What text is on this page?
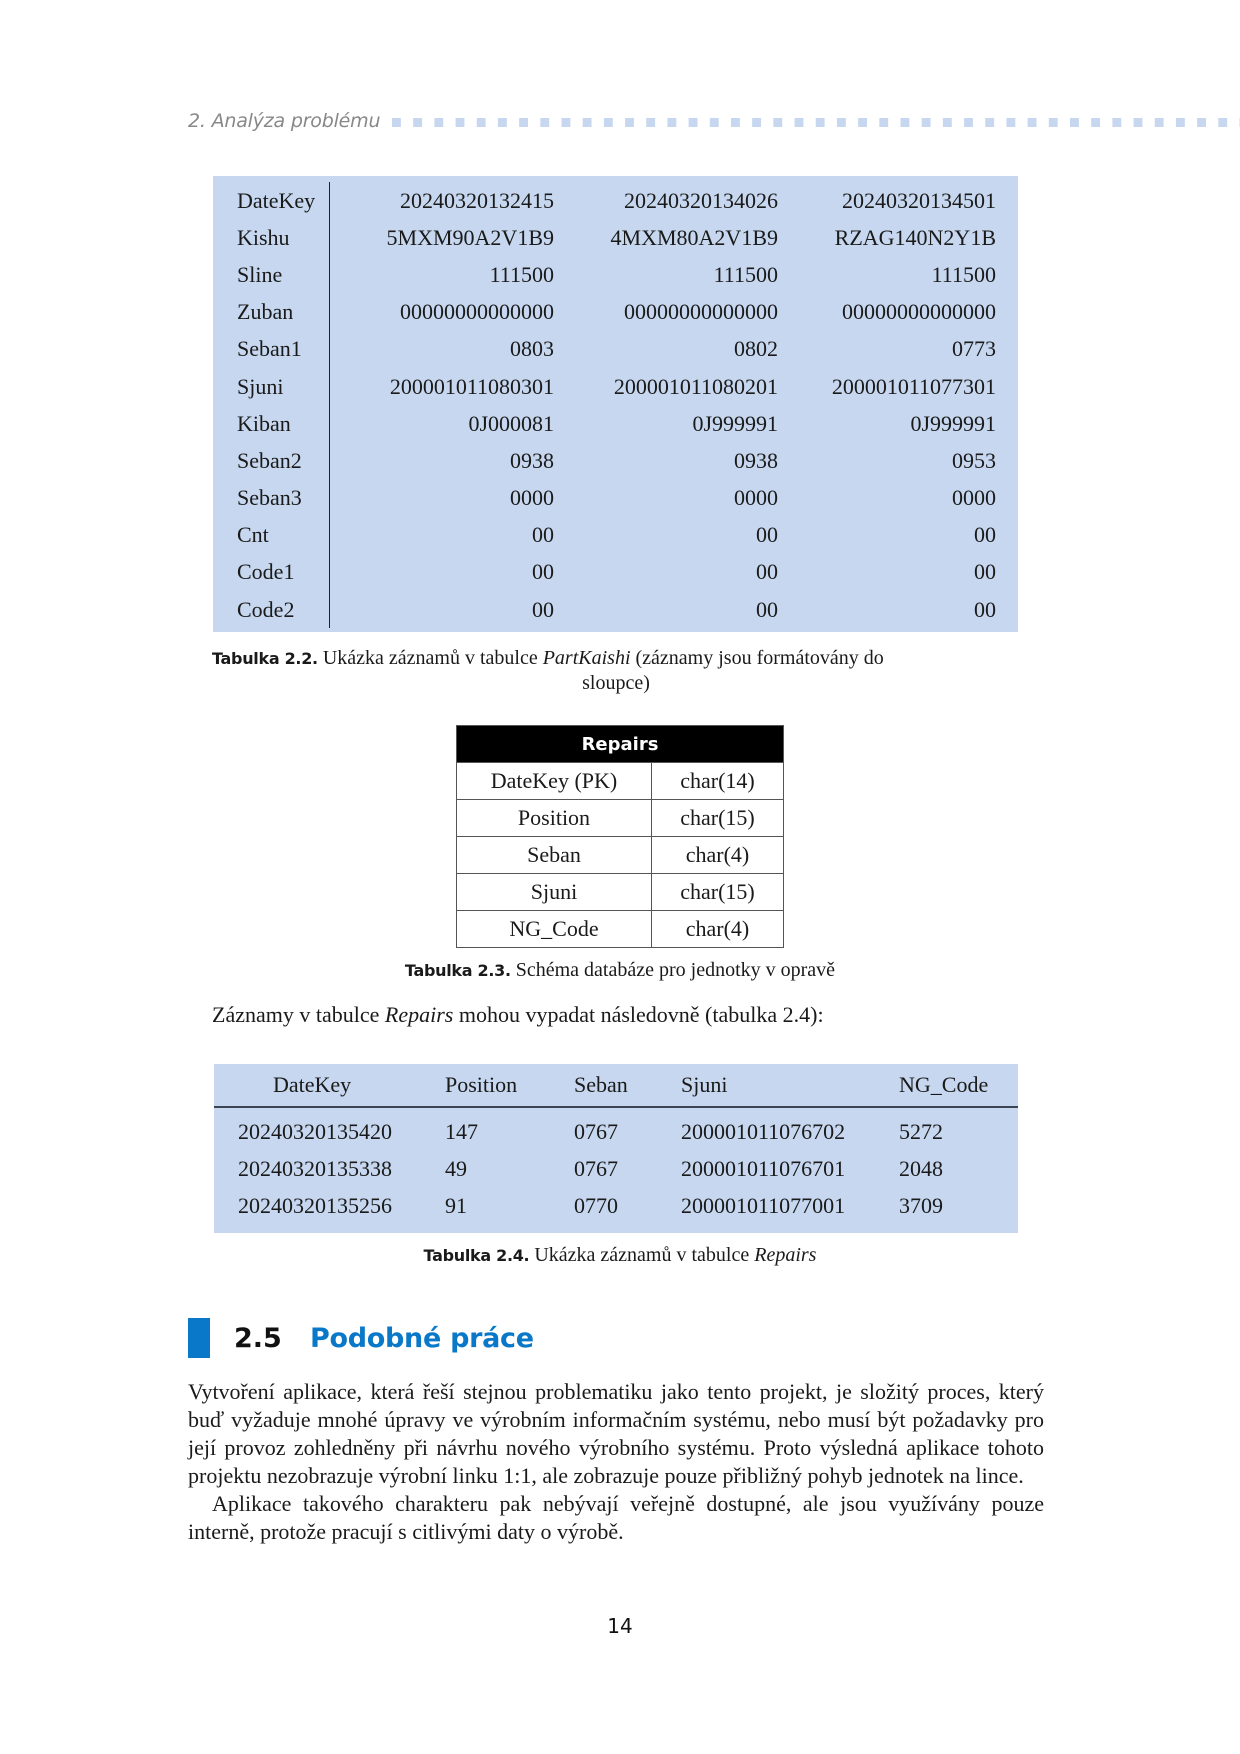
2. Analýza problému
DateKey	20240320132415	20240320134026	20240320134501
Kishu	5MXM90A2V1B9	4MXM80A2V1B9	RZAG140N2Y1B
Sline	111500	111500	111500
Zuban	00000000000000	00000000000000	00000000000000
Seban1	0803	0802	0773
Sjuni	200001011080301	200001011080201	200001011077301
Kiban	0J000081	0J999991	0J999991
Seban2	0938	0938	0953
Seban3	0000	0000	0000
Cnt	00	00	00
Code1	00	00	00
Code2	00	00	00
Tabulka 2.2. Ukázka záznamů v tabulce PartKaishi (záznamy jsou formátovány do
sloupce)
Repairs	
DateKey (PK)	char(14)
Position	char(15)
Seban	char(4)
Sjuni	char(15)
NG_Code	char(4)
Tabulka 2.3. Schéma databáze pro jednotky v opravě
Záznamy v tabulce Repairs mohou vypadat následovně (tabulka 2.4):
DateKey	Position	Seban Sjuni	NG_Code
20240320135420 147	0767	200001011076702 5272
20240320135338 49	0767	200001011076701 2048
20240320135256 91	0770	200001011077001 3709
Tabulka 2.4. Ukázka záznamů v tabulce Repairs
2.5	Podobné práce

Vytvoření aplikace, která řeší stejnou problematiku jako tento projekt, je složitý proces, který buď vyžaduje mnohé úpravy ve výrobním informačním systému, nebo musí být požadavky pro její provoz zohledněny při návrhu nového výrobního systému. Proto výsledná aplikace tohoto projektu nezobrazuje výrobní linku 1:1, ale zobrazuje pouze přibližný pohyb jednotek na lince.

Aplikace takového charakteru pak nebývají veřejně dostupné, ale jsou využívány pouze interně, protože pracují s citlivými daty o výrobě.

14
